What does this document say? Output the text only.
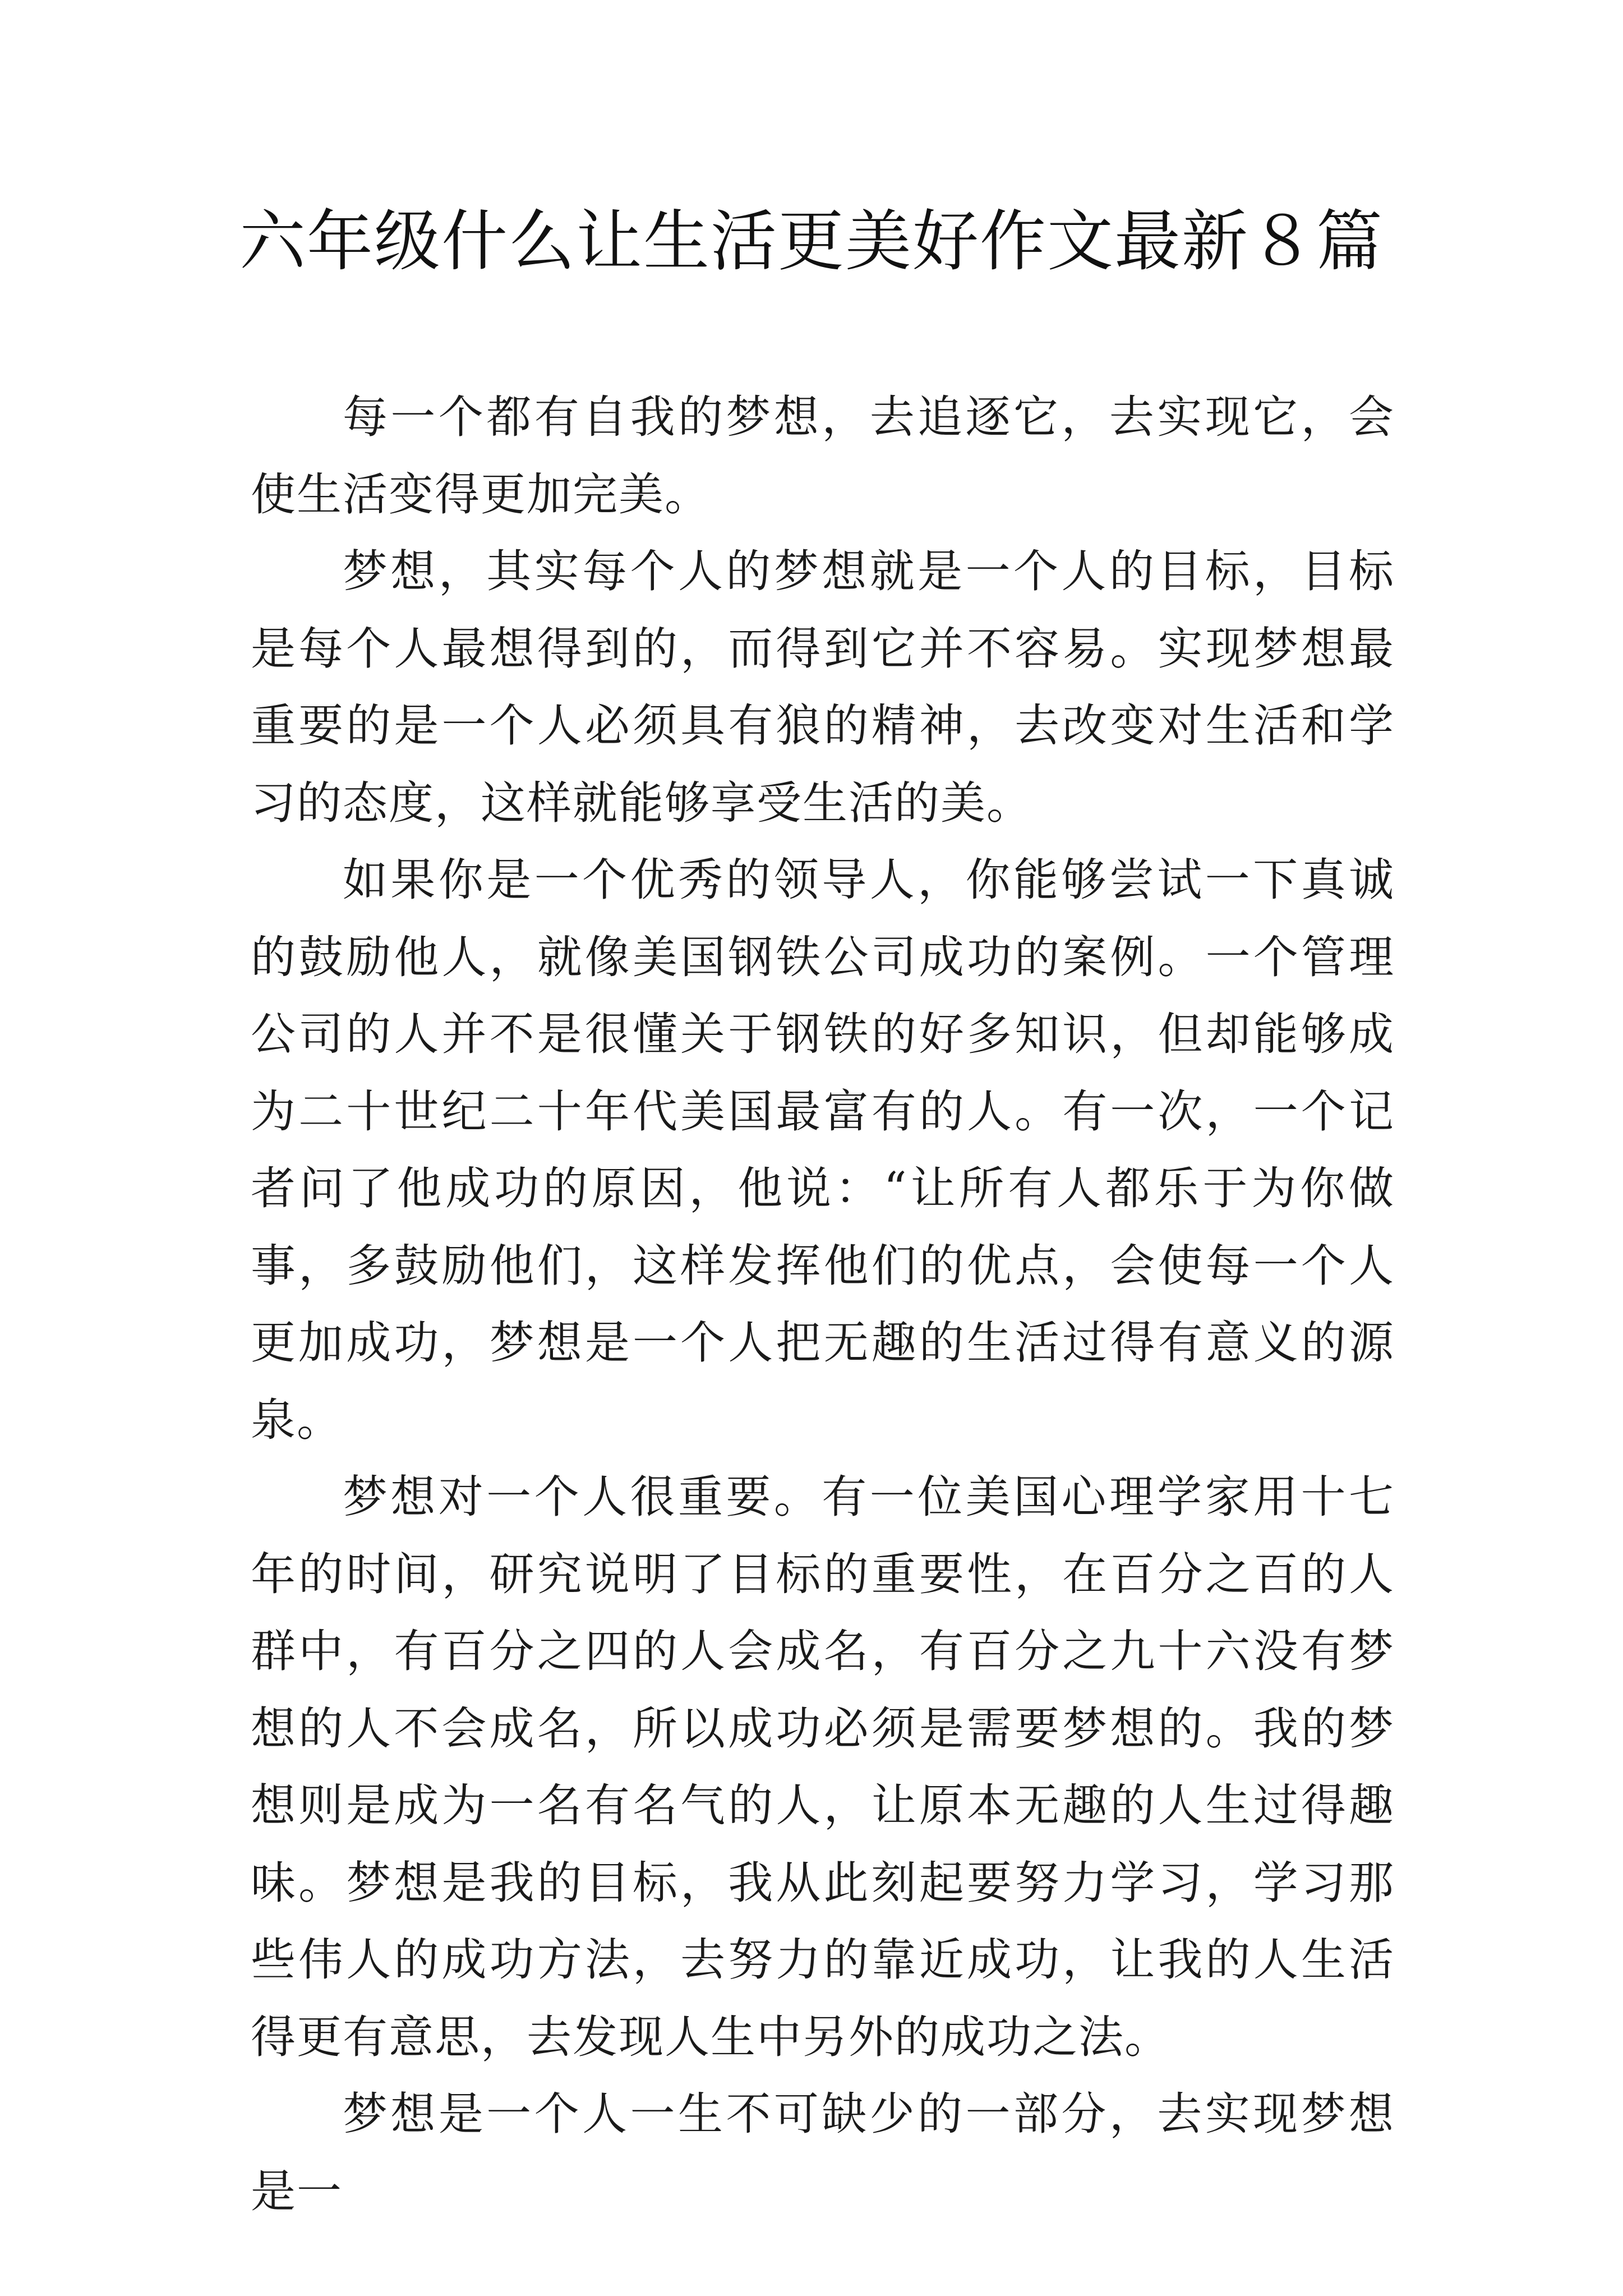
六年级什么让生活更美好作文最新８篇

每一个都有自我的梦想，去追逐它，去实现它，会使生活变得更加完美。

梦想，其实每个人的梦想就是一个人的目标，目标是每个人最想得到的，而得到它并不容易。实现梦想最重要的是一个人必须具有狼的精神，去改变对生活和学习的态度，这样就能够享受生活的美。

如果你是一个优秀的领导人，你能够尝试一下真诚的鼓励他人，就像美国钢铁公司成功的案例。一个管理公司的人并不是很懂关于钢铁的好多知识，但却能够成为二十世纪二十年代美国最富有的人。有一次，一个记者问了他成功的原因，他说：“让所有人都乐于为你做事，多鼓励他们，这样发挥他们的优点，会使每一个人更加成功，梦想是一个人把无趣的生活过得有意义的源泉。

梦想对一个人很重要。有一位美国心理学家用十七年的时间，研究说明了目标的重要性，在百分之百的人群中，有百分之四的人会成名，有百分之九十六没有梦想的人不会成名，所以成功必须是需要梦想的。我的梦想则是成为一名有名气的人，让原本无趣的人生过得趣味。梦想是我的目标，我从此刻起要努力学习，学习那些伟人的成功方法，去努力的靠近成功，让我的人生活得更有意思，去发现人生中另外的成功之法。

梦想是一个人一生不可缺少的一部分，去实现梦想是一
